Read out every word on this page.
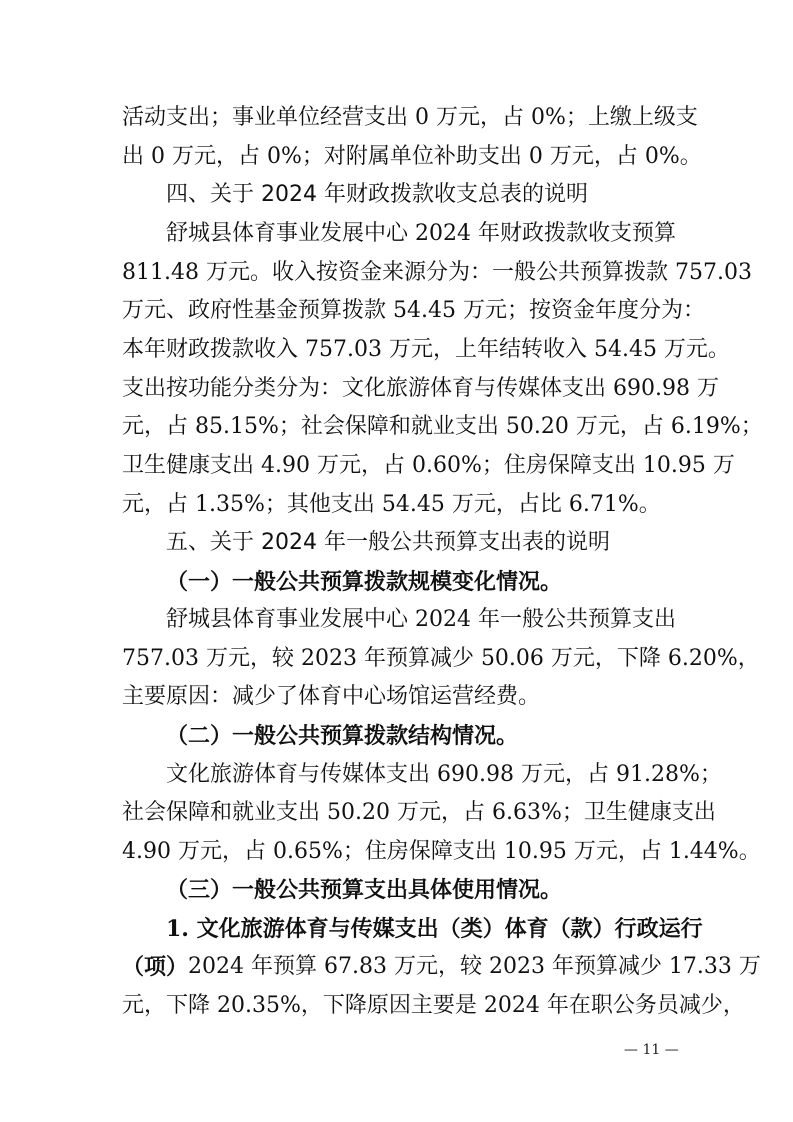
活动支出；事业单位经营支出 0 万元，占 0%；上缴上级支
出 0 万元，占 0%；对附属单位补助支出 0 万元，占 0%。
四、关于 2024 年财政拨款收支总表的说明
舒城县体育事业发展中心 2024 年财政拨款收支预算
811.48 万元。收入按资金来源分为：一般公共预算拨款 757.03
万元、政府性基金预算拨款 54.45 万元；按资金年度分为：
本年财政拨款收入 757.03 万元，上年结转收入 54.45 万元。
支出按功能分类分为：文化旅游体育与传媒体支出 690.98 万
元，占 85.15%；社会保障和就业支出 50.20 万元，占 6.19%；
卫生健康支出 4.90 万元，占 0.60%；住房保障支出 10.95 万
元，占 1.35%；其他支出 54.45 万元，占比 6.71%。
五、关于 2024 年一般公共预算支出表的说明
（一）一般公共预算拨款规模变化情况。
舒城县体育事业发展中心 2024 年一般公共预算支出
757.03 万元，较 2023 年预算减少 50.06 万元，下降 6.20%，
主要原因：减少了体育中心场馆运营经费。
（二）一般公共预算拨款结构情况。
文化旅游体育与传媒体支出 690.98 万元，占 91.28%；
社会保障和就业支出 50.20 万元，占 6.63%；卫生健康支出
4.90 万元，占 0.65%；住房保障支出 10.95 万元，占 1.44%。
（三）一般公共预算支出具体使用情况。
1. 文化旅游体育与传媒支出（类）体育（款）行政运行
（项） 2024 年预算 67.83 万元，较 2023 年预算减少 17.33 万
元，下降 20.35%，下降原因主要是 2024 年在职公务员减少，
— 11 —
